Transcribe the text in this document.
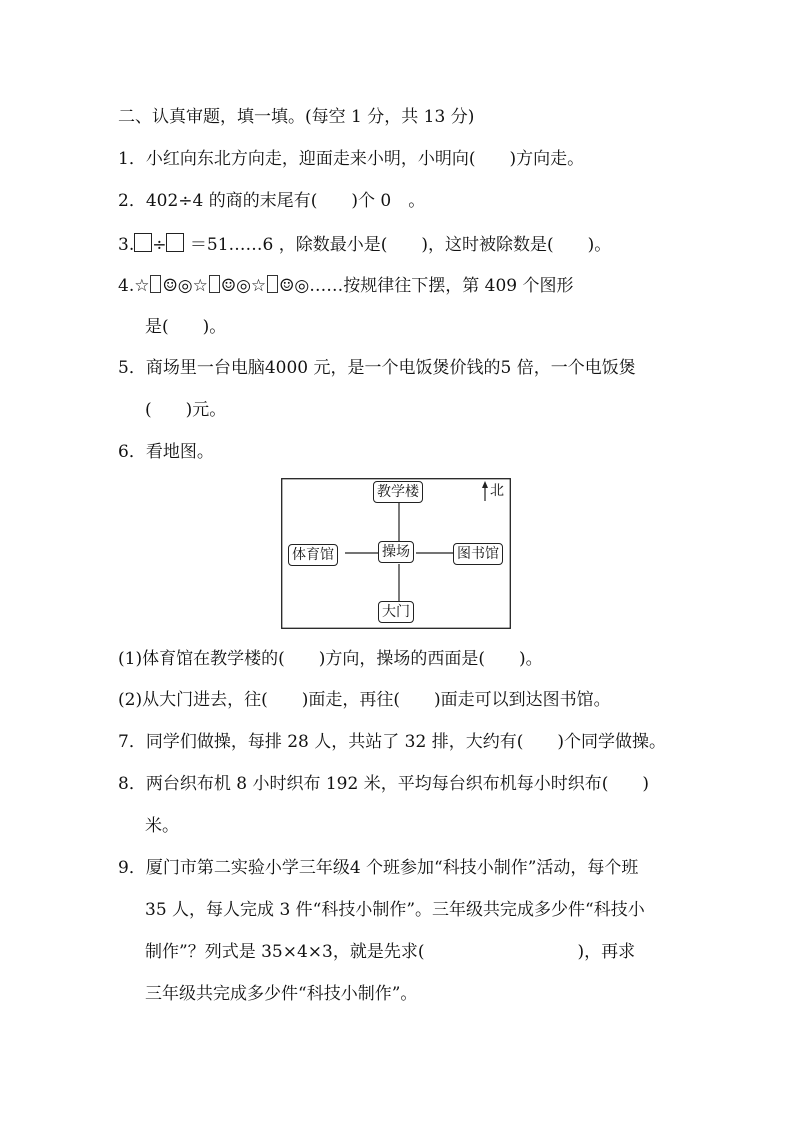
二、认真审题，填一填。(每空 1 分，共 13 分)
1．小红向东北方向走，迎面走来小明，小明向(　　)方向走。
2．402÷4 的商的末尾有(　　)个 0　。
3. ÷ ＝51……6 ，除数最小是(　　)，这时被除数是(　　)。
4.☆ ☺◎☆ ☺◎☆ ☺◎……按规律往下摆，第 409 个图形
是(　　)。
5．商场里一台电脑4000 元，是一个电饭煲价钱的5 倍，一个电饭煲
(　　)元。
6．看地图。
北
教学楼
操场
体育馆	图书馆
大门
(1)体育馆在教学楼的(　　)方向，操场的西面是(　　)。
(2)从大门进去，往(　　)面走，再往(　　)面走可以到达图书馆。
7．同学们做操，每排 28 人，共站了 32 排，大约有(　　)个同学做操。
8．两台织布机 8 小时织布 192 米，平均每台织布机每小时织布(　　)
米。
9．厦门市第二实验小学三年级4 个班参加“科技小制作”活动，每个班
35 人，每人完成 3 件“科技小制作”。三年级共完成多少件“科技小
制作”？列式是 35×4×3，就是先求(　　　　　　　　　)，再求
三年级共完成多少件“科技小制作”。
